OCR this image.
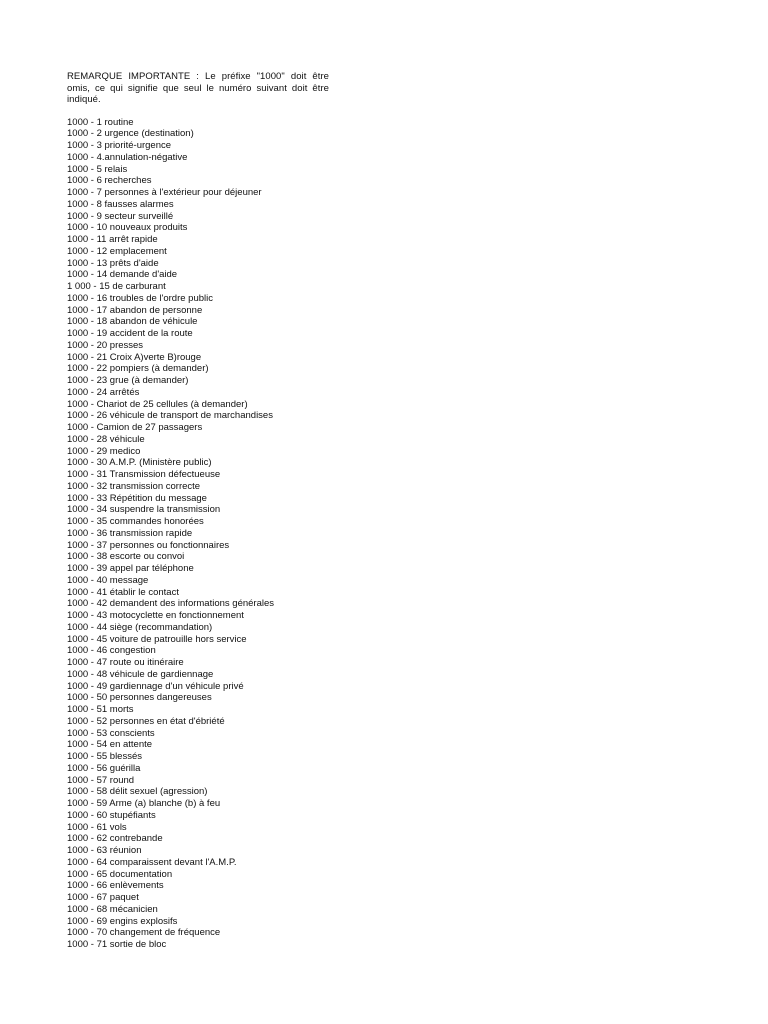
REMARQUE IMPORTANTE : Le préfixe "1000" doit être omis, ce qui signifie que seul le numéro suivant doit être indiqué.

1000 - 1 routine
1000 - 2 urgence (destination)
1000 - 3 priorité-urgence
1000 - 4.annulation-négative
1000 - 5 relais
1000 - 6 recherches
1000 - 7 personnes à l'extérieur pour déjeuner
1000 - 8 fausses alarmes
1000 - 9 secteur surveillé
1000 - 10 nouveaux produits
1000 - 11 arrêt rapide
1000 - 12 emplacement
1000 - 13 prêts d'aide
1000 - 14 demande d'aide
1 000 - 15 de carburant
1000 - 16 troubles de l'ordre public
1000 - 17 abandon de personne
1000 - 18 abandon de véhicule
1000 - 19 accident de la route
1000 - 20 presses
1000 - 21 Croix A)verte B)rouge
1000 - 22 pompiers (à demander)
1000 - 23 grue (à demander)
1000 - 24 arrêtés
1000 - Chariot de 25 cellules (à demander)
1000 - 26 véhicule de transport de marchandises
1000 - Camion de 27 passagers
1000 - 28 véhicule
1000 - 29 medico
1000 - 30 A.M.P. (Ministère public)
1000 - 31 Transmission défectueuse
1000 - 32 transmission correcte
1000 - 33 Répétition du message
1000 - 34 suspendre la transmission
1000 - 35 commandes honorées
1000 - 36 transmission rapide
1000 - 37 personnes ou fonctionnaires
1000 - 38 escorte ou convoi
1000 - 39 appel par téléphone
1000 - 40 message
1000 - 41 établir le contact
1000 - 42 demandent des informations générales
1000 - 43 motocyclette en fonctionnement
1000 - 44 siège (recommandation)
1000 - 45 voiture de patrouille hors service
1000 - 46 congestion
1000 - 47 route ou itinéraire
1000 - 48 véhicule de gardiennage
1000 - 49 gardiennage d'un véhicule privé
1000 - 50 personnes dangereuses
1000 - 51 morts
1000 - 52 personnes en état d'ébriété
1000 - 53 conscients
1000 - 54 en attente
1000 - 55 blessés
1000 - 56 guérilla
1000 - 57 round
1000 - 58 délit sexuel (agression)
1000 - 59 Arme (a) blanche (b) à feu
1000 - 60 stupéfiants
1000 - 61 vols
1000 - 62 contrebande
1000 - 63 réunion
1000 - 64 comparaissent devant l'A.M.P.
1000 - 65 documentation
1000 - 66 enlèvements
1000 - 67 paquet
1000 - 68 mécanicien
1000 - 69 engins explosifs
1000 - 70 changement de fréquence
1000 - 71 sortie de bloc
